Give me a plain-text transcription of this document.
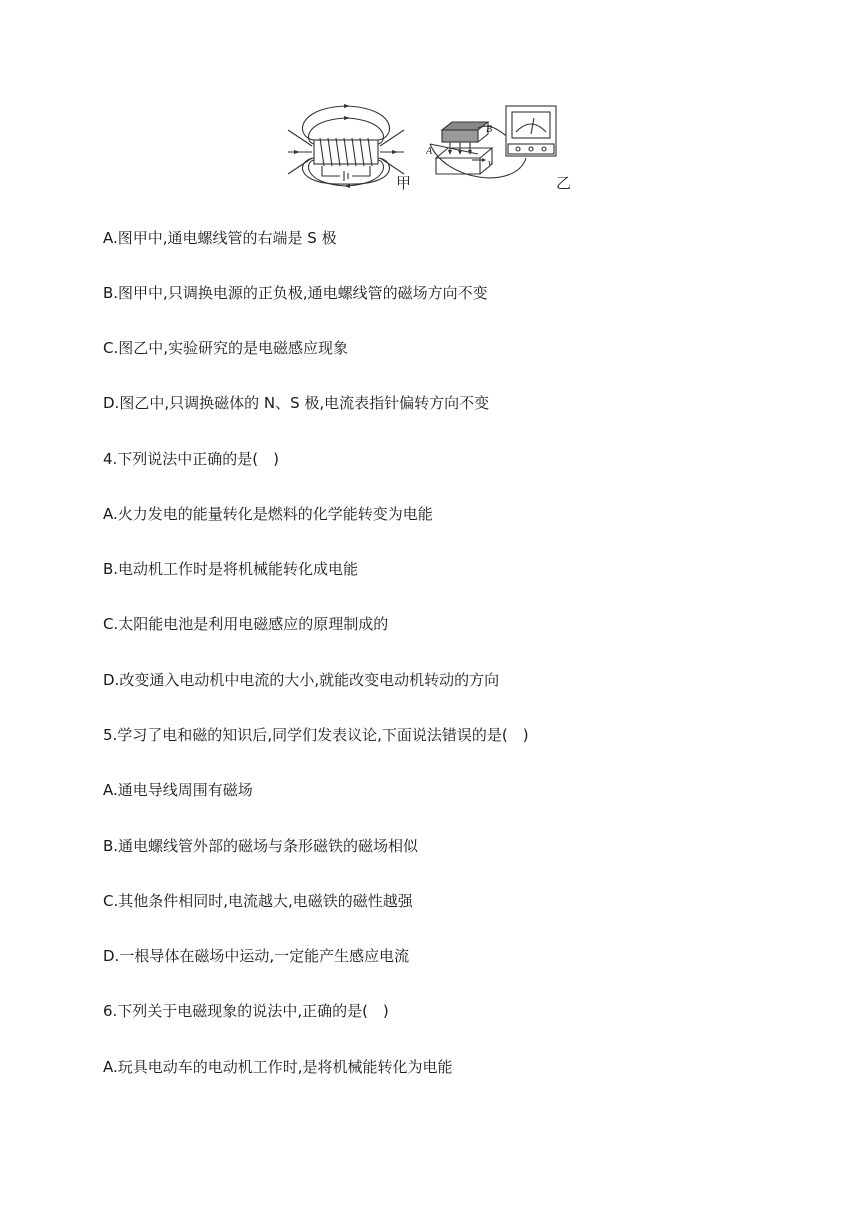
A
B
v
甲	乙
A.图甲中,通电螺线管的右端是 S 极
B.图甲中,只调换电源的正负极,通电螺线管的磁场方向不变
C.图乙中,实验研究的是电磁感应现象
D.图乙中,只调换磁体的 N、S 极,电流表指针偏转方向不变
4.下列说法中正确的是(　)
A.火力发电的能量转化是燃料的化学能转变为电能
B.电动机工作时是将机械能转化成电能
C.太阳能电池是利用电磁感应的原理制成的
D.改变通入电动机中电流的大小,就能改变电动机转动的方向
5.学习了电和磁的知识后,同学们发表议论,下面说法错误的是(　)
A.通电导线周围有磁场
B.通电螺线管外部的磁场与条形磁铁的磁场相似
C.其他条件相同时,电流越大,电磁铁的磁性越强
D.一根导体在磁场中运动,一定能产生感应电流
6.下列关于电磁现象的说法中,正确的是(　)
A.玩具电动车的电动机工作时,是将机械能转化为电能
